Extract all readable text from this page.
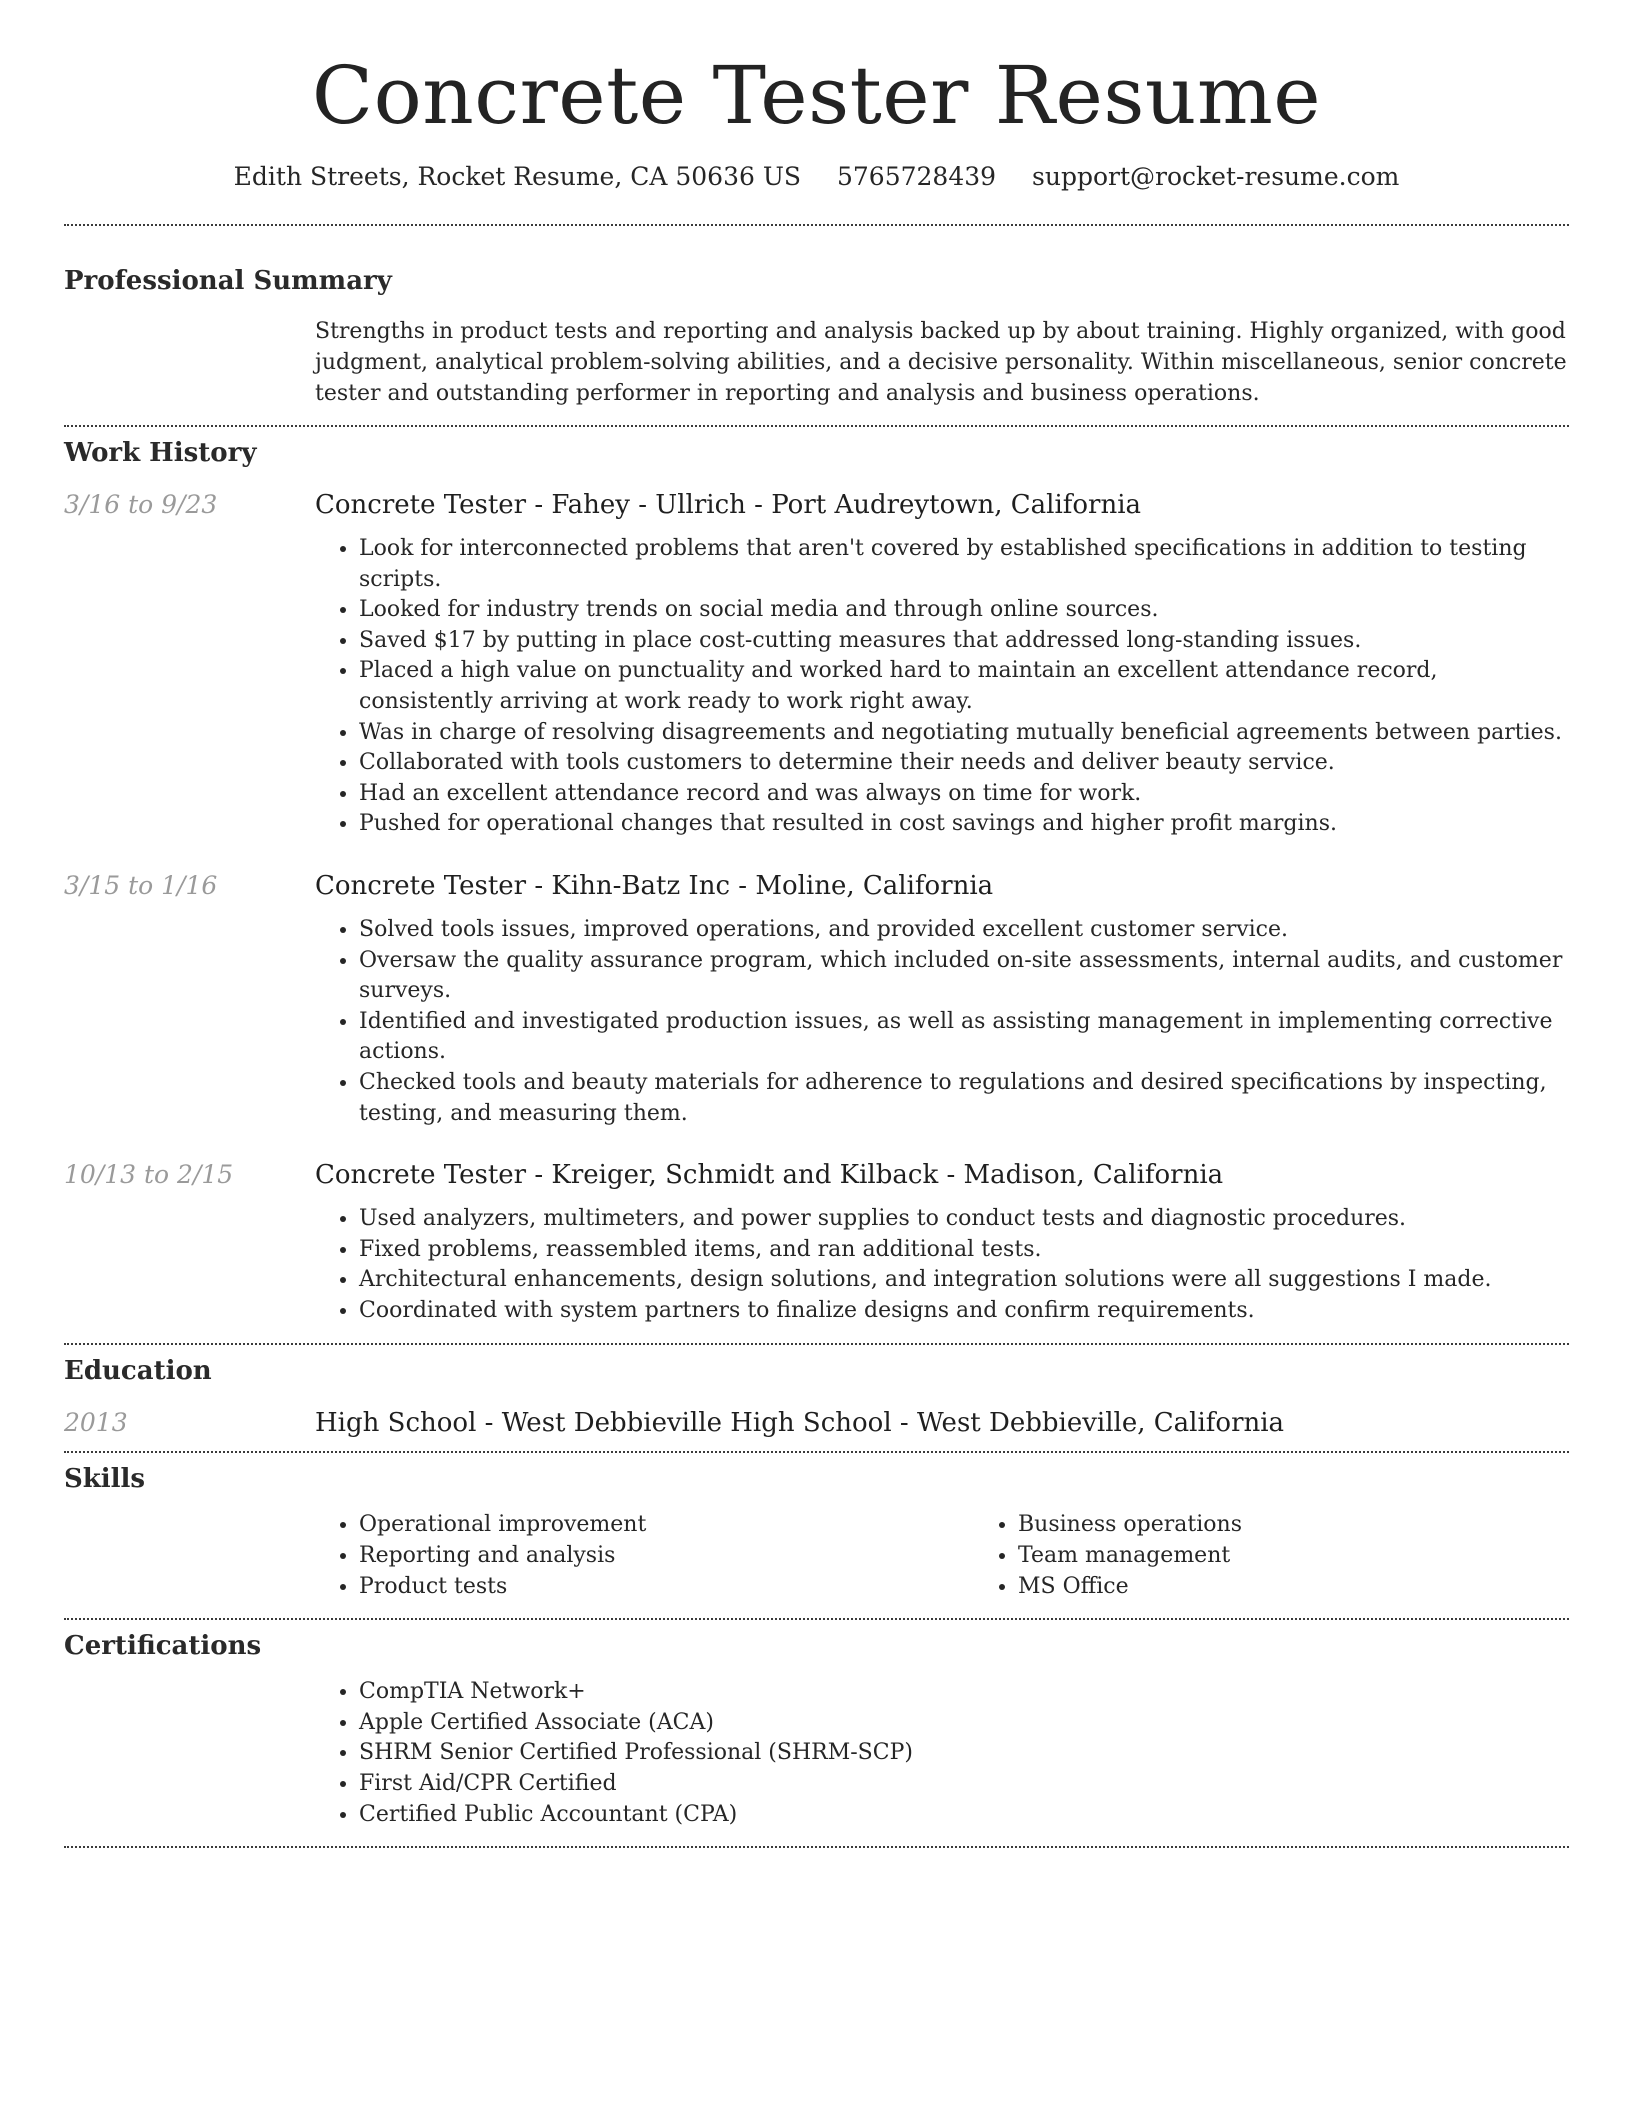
Concrete Tester Resume
Edith Streets, Rocket Resume, CA 50636 US 5765728439 support@rocket-resume.com
Professional Summary
Strengths in product tests and reporting and analysis backed up by about training. Highly organized, with good judgment, analytical problem-solving abilities, and a decisive personality. Within miscellaneous, senior concrete tester and outstanding performer in reporting and analysis and business operations.
Work History
3/16 to 9/23	Concrete Tester - Fahey - Ullrich - Port Audreytown, California
• Look for interconnected problems that aren't covered by established specifications in addition to testing scripts.
• Looked for industry trends on social media and through online sources.
• Saved $17 by putting in place cost-cutting measures that addressed long-standing issues.
• Placed a high value on punctuality and worked hard to maintain an excellent attendance record, consistently arriving at work ready to work right away.
• Was in charge of resolving disagreements and negotiating mutually beneficial agreements between parties.
• Collaborated with tools customers to determine their needs and deliver beauty service.
• Had an excellent attendance record and was always on time for work.
• Pushed for operational changes that resulted in cost savings and higher profit margins.
3/15 to 1/16	Concrete Tester - Kihn-Batz Inc - Moline, California
• Solved tools issues, improved operations, and provided excellent customer service.
• Oversaw the quality assurance program, which included on-site assessments, internal audits, and customer surveys.
• Identified and investigated production issues, as well as assisting management in implementing corrective actions.
• Checked tools and beauty materials for adherence to regulations and desired specifications by inspecting, testing, and measuring them.
10/13 to 2/15	Concrete Tester - Kreiger, Schmidt and Kilback - Madison, California
• Used analyzers, multimeters, and power supplies to conduct tests and diagnostic procedures.
• Fixed problems, reassembled items, and ran additional tests.
• Architectural enhancements, design solutions, and integration solutions were all suggestions I made.
• Coordinated with system partners to finalize designs and confirm requirements.
Education
2013	High School - West Debbieville High School - West Debbieville, California
Skills
• Operational improvement
• Reporting and analysis
• Product tests
• Business operations
• Team management
• MS Office
Certifications
• CompTIA Network+
• Apple Certified Associate (ACA)
• SHRM Senior Certified Professional (SHRM-SCP)
• First Aid/CPR Certified
• Certified Public Accountant (CPA)
